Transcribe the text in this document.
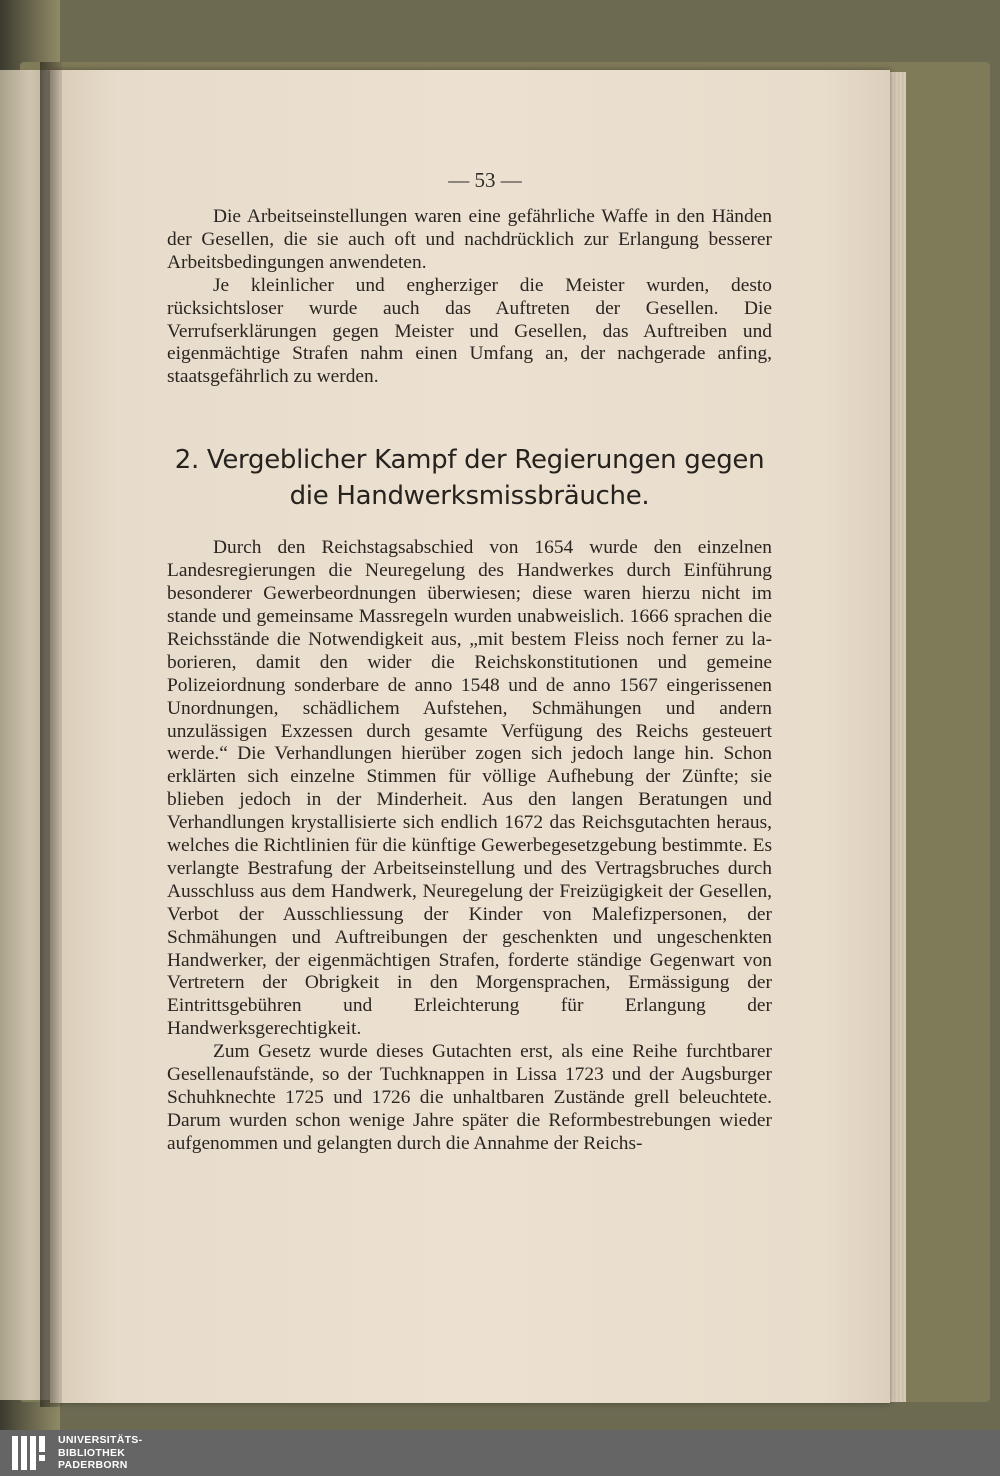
— 53 —

Die Arbeitseinstellungen waren eine gefährliche Waffe in den Händen der Gesellen, die sie auch oft und nachdrücklich zur Erlangung besserer Arbeitsbedingungen anwendeten.

Je kleinlicher und engherziger die Meister wurden, desto rücksichtsloser wurde auch das Auftreten der Gesellen. Die Verrufserklärungen gegen Meister und Gesellen, das Auftreiben und eigenmächtige Strafen nahm einen Umfang an, der nachgerade anfing, staatsgefährlich zu werden.

2. Vergeblicher Kampf der Regierungen gegen
die Handwerksmissbräuche.

Durch den Reichstagsabschied von 1654 wurde den einzelnen Landesregierungen die Neuregelung des Handwerkes durch Einführung besonderer Gewerbeordnungen überwiesen; diese waren hierzu nicht im stande und gemeinsame Massregeln wurden unabweislich. 1666 sprachen die Reichsstände die Notwendigkeit aus, „mit bestem Fleiss noch ferner zu laborieren, damit den wider die Reichskonstitutionen und gemeine Polizeiordnung sonderbare de anno 1548 und de anno 1567 eingerissenen Unordnungen, schädlichem Aufstehen, Schmähungen und andern unzulässigen Exzessen durch gesamte Verfügung des Reichs gesteuert werde.“ Die Verhandlungen hierüber zogen sich jedoch lange hin. Schon erklärten sich einzelne Stimmen für völlige Aufhebung der Zünfte; sie blieben jedoch in der Minderheit. Aus den langen Beratungen und Verhandlungen krystallisierte sich endlich 1672 das Reichsgutachten heraus, welches die Richtlinien für die künftige Gewerbegesetzgebung bestimmte. Es verlangte Bestrafung der Arbeitseinstellung und des Vertragsbruches durch Ausschluss aus dem Handwerk, Neuregelung der Freizügigkeit der Gesellen, Verbot der Ausschliessung der Kinder von Malefizpersonen, der Schmähungen und Auftreibungen der geschenkten und ungeschenkten Handwerker, der eigenmächtigen Strafen, forderte ständige Gegenwart von Vertretern der Obrigkeit in den Morgensprachen, Ermässigung der Eintrittsgebühren und Erleichterung für Erlangung der Handwerksgerechtigkeit.

Zum Gesetz wurde dieses Gutachten erst, als eine Reihe furchtbarer Gesellenaufstände, so der Tuchknappen in Lissa 1723 und der Augsburger Schuhknechte 1725 und 1726 die unhaltbaren Zustände grell beleuchtete. Darum wurden schon wenige Jahre später die Reformbestrebungen wieder aufgenommen und gelangten durch die Annahme der Reichs-

UNIVERSITÄTS-
BIBLIOTHEK
PADERBORN
